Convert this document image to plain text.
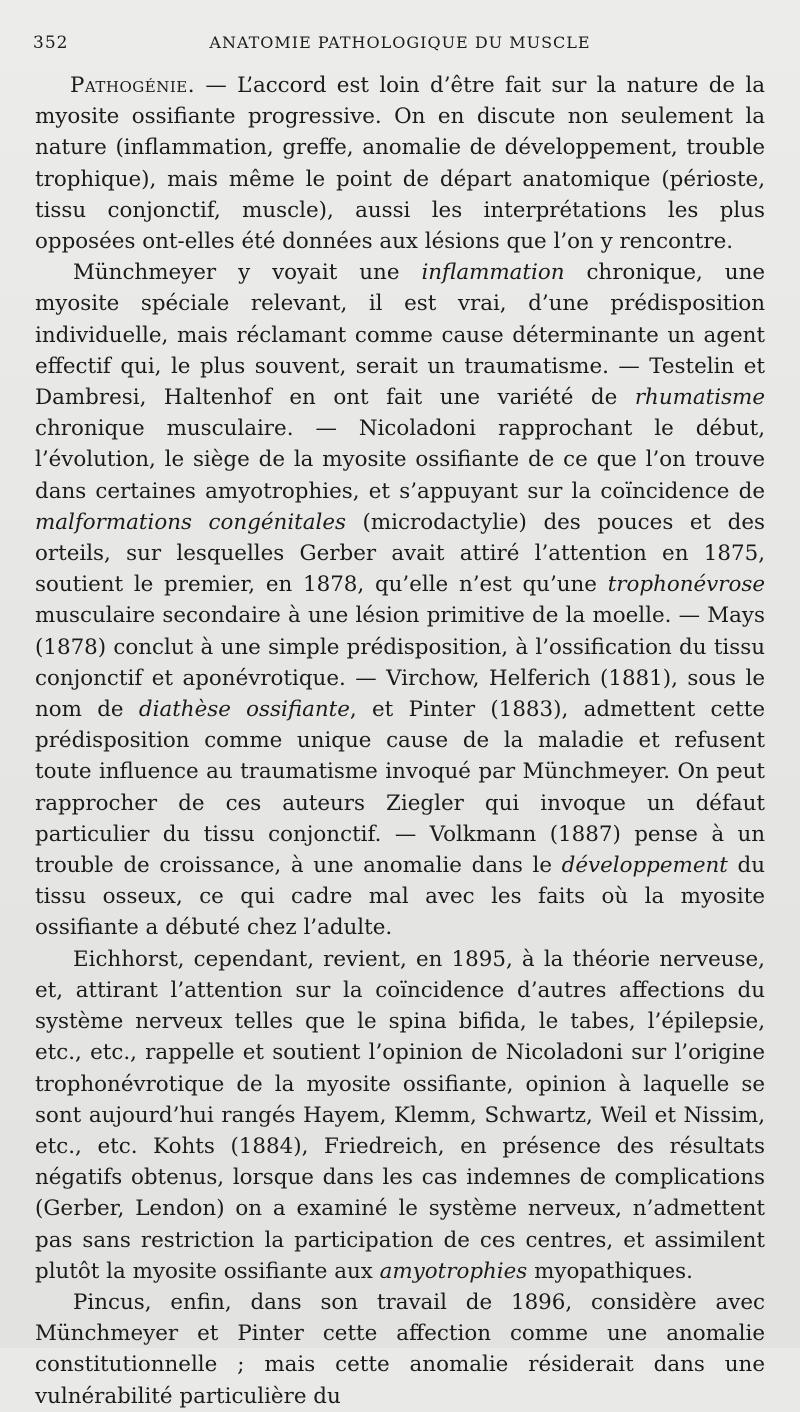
352	ANATOMIE PATHOLOGIQUE DU MUSCLE

Pathogénie. — L’accord est loin d’être fait sur la nature de la myosite ossifiante progressive. On en discute non seulement la nature (inflammation, greffe, anomalie de développement, trouble trophique), mais même le point de départ anatomique (périoste, tissu conjonctif, muscle), aussi les interprétations les plus opposées ont-elles été données aux lésions que l’on y rencontre.

Münchmeyer y voyait une inflammation chronique, une myosite spéciale relevant, il est vrai, d’une prédisposition individuelle, mais réclamant comme cause déterminante un agent effectif qui, le plus souvent, serait un traumatisme. — Testelin et Dambresi, Haltenhof en ont fait une variété de rhumatisme chronique musculaire. — Nicoladoni rapprochant le début, l’évolution, le siège de la myosite ossifiante de ce que l’on trouve dans certaines amyotrophies, et s’appuyant sur la coïncidence de malformations congénitales (microdactylie) des pouces et des orteils, sur lesquelles Gerber avait attiré l’attention en 1875, soutient le premier, en 1878, qu’elle n’est qu’une trophonévrose musculaire secondaire à une lésion primitive de la moelle. — Mays (1878) conclut à une simple prédisposition, à l’ossification du tissu conjonctif et aponévrotique. — Virchow, Helferich (1881), sous le nom de diathèse ossifiante, et Pinter (1883), admettent cette prédisposition comme unique cause de la maladie et refusent toute influence au traumatisme invoqué par Münchmeyer. On peut rapprocher de ces auteurs Ziegler qui invoque un défaut particulier du tissu conjonctif. — Volkmann (1887) pense à un trouble de croissance, à une anomalie dans le développement du tissu osseux, ce qui cadre mal avec les faits où la myosite ossifiante a débuté chez l’adulte.

Eichhorst, cependant, revient, en 1895, à la théorie nerveuse, et, attirant l’attention sur la coïncidence d’autres affections du système nerveux telles que le spina bifida, le tabes, l’épilepsie, etc., etc., rappelle et soutient l’opinion de Nicoladoni sur l’origine trophonévrotique de la myosite ossifiante, opinion à laquelle se sont aujourd’hui rangés Hayem, Klemm, Schwartz, Weil et Nissim, etc., etc. Kohts (1884), Friedreich, en présence des résultats négatifs obtenus, lorsque dans les cas indemnes de complications (Gerber, Lendon) on a examiné le système nerveux, n’admettent pas sans restriction la participation de ces centres, et assimilent plutôt la myosite ossifiante aux amyotrophies myopathiques.

Pincus, enfin, dans son travail de 1896, considère avec Münchmeyer et Pinter cette affection comme une anomalie constitutionnelle ; mais cette anomalie résiderait dans une vulnérabilité particulière du
